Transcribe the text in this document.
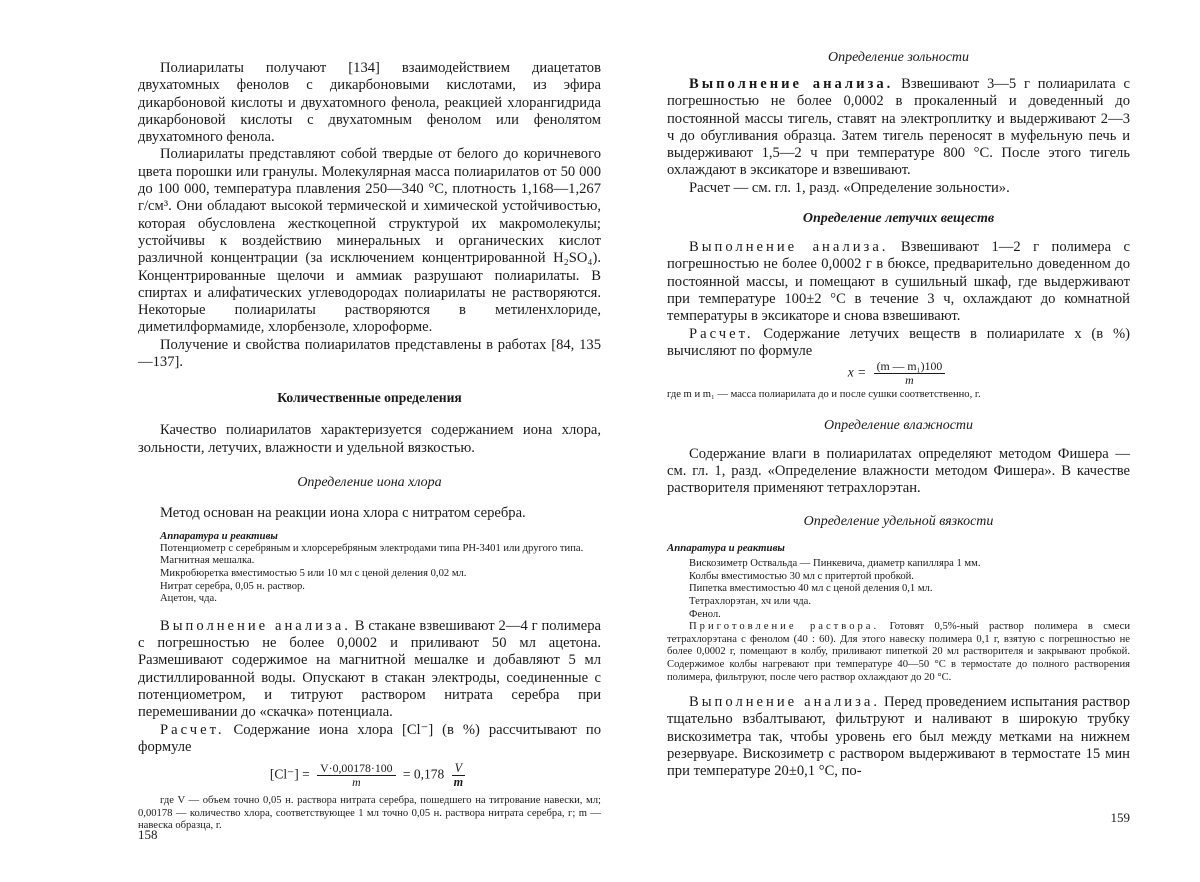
Полиарилаты получают [134] взаимодействием диацетатов двухатомных фенолов с дикарбоновыми кислотами, из эфира дикарбоновой кислоты и двухатомного фенола, реакцией хлорангидрида дикарбоновой кислоты с двухатомным фенолом или фенолятом двухатомного фенола.

Полиарилаты представляют собой твердые от белого до коричневого цвета порошки или гранулы. Молекулярная масса полиарилатов от 50 000 до 100 000, температура плавления 250—340 °C, плотность 1,168—1,267 г/см³. Они обладают высокой термической и химической устойчивостью, которая обусловлена жесткоцепной структурой их макромолекулы; устойчивы к воздействию минеральных и органических кислот различной концентрации (за исключением концентрированной H₂SO₄). Концентрированные щелочи и аммиак разрушают полиарилаты. В спиртах и алифатических углеводородах полиарилаты не растворяются. Некоторые полиарилаты растворяются в метиленхлориде, диметилформамиде, хлорбензоле, хлороформе.

Получение и свойства полиарилатов представлены в работах [84, 135—137].

Количественные определения

Качество полиарилатов характеризуется содержанием иона хлора, зольности, летучих, влажности и удельной вязкостью.

Определение иона хлора

Метод основан на реакции иона хлора с нитратом серебра.

Аппаратура и реактивы

Потенциометр с серебряным и хлорсеребряным электродами типа РН-3401 или другого типа.

Магнитная мешалка.

Микробюретка вместимостью 5 или 10 мл с ценой деления 0,02 мл.

Нитрат серебра, 0,05 н. раствор.

Ацетон, чда.

Выполнение анализа. В стакане взвешивают 2—4 г полимера с погрешностью не более 0,0002 и приливают 50 мл ацетона. Размешивают содержимое на магнитной мешалке и добавляют 5 мл дистиллированной воды. Опускают в стакан электроды, соединенные с потенциометром, и титруют раствором нитрата серебра при перемешивании до «скачка» потенциала.

Расчет. Содержание иона хлора [Cl⁻] (в %) рассчитывают по формуле

$[Cl^-] = \frac{V\cdot 0,00178\cdot 100}{m} = 0,178 \frac{V}{m}$

где V — объем точно 0,05 н. раствора нитрата серебра, пошедшего на титрование навески, мл; 0,00178 — количество хлора, соответствующее 1 мл точно 0,05 н. раствора нитрата серебра, г; m — навеска образца, г.

158

Определение зольности

Выполнение анализа. Взвешивают 3—5 г полиарилата с погрешностью не более 0,0002 в прокаленный и доведенный до постоянной массы тигель, ставят на электроплитку и выдерживают 2—3 ч до обугливания образца. Затем тигель переносят в муфельную печь и выдерживают 1,5—2 ч при температуре 800 °C. После этого тигель охлаждают в эксикаторе и взвешивают.

Расчет — см. гл. 1, разд. «Определение зольности».

Определение летучих веществ

Выполнение анализа. Взвешивают 1—2 г полимера с погрешностью не более 0,0002 г в бюксе, предварительно доведенном до постоянной массы, и помещают в сушильный шкаф, где выдерживают при температуре 100±2 °C в течение 3 ч, охлаждают до комнатной температуры в эксикаторе и снова взвешивают.

Расчет. Содержание летучих веществ в полиарилате x (в %) вычисляют по формуле

$x = \frac{\text{(m — m₁)100}}{m}$

где m и m₁ — масса полиарилата до и после сушки соответственно, г.

Определение влажности

Содержание влаги в полиарилатах определяют методом Фишера — см. гл. 1, разд. «Определение влажности методом Фишера». В качестве растворителя применяют тетрахлорэтан.

Определение удельной вязкости

Аппаратура и реактивы

Вискозиметр Оствальда — Пинкевича, диаметр капилляра 1 мм.

Колбы вместимостью 30 мл с притертой пробкой.

Пипетка вместимостью 40 мл с ценой деления 0,1 мл.

Тетрахлорэтан, хч или чда.

Фенол.

Приготовление раствора. Готовят 0,5%-ный раствор полимера в смеси тетрахлорэтана с фенолом (40 : 60). Для этого навеску полимера 0,1 г, взятую с погрешностью не более 0,0002 г, помещают в колбу, приливают пипеткой 20 мл растворителя и закрывают пробкой. Содержимое колбы нагревают при температуре 40—50 °C в термостате до полного растворения полимера, фильтруют, после чего раствор охлаждают до 20 °C.

Выполнение анализа. Перед проведением испытания раствор тщательно взбалтывают, фильтруют и наливают в широкую трубку вискозиметра так, чтобы уровень его был между метками на нижнем резервуаре. Вискозиметр с раствором выдерживают в термостате 15 мин при температуре 20±0,1 °C, по-

159
